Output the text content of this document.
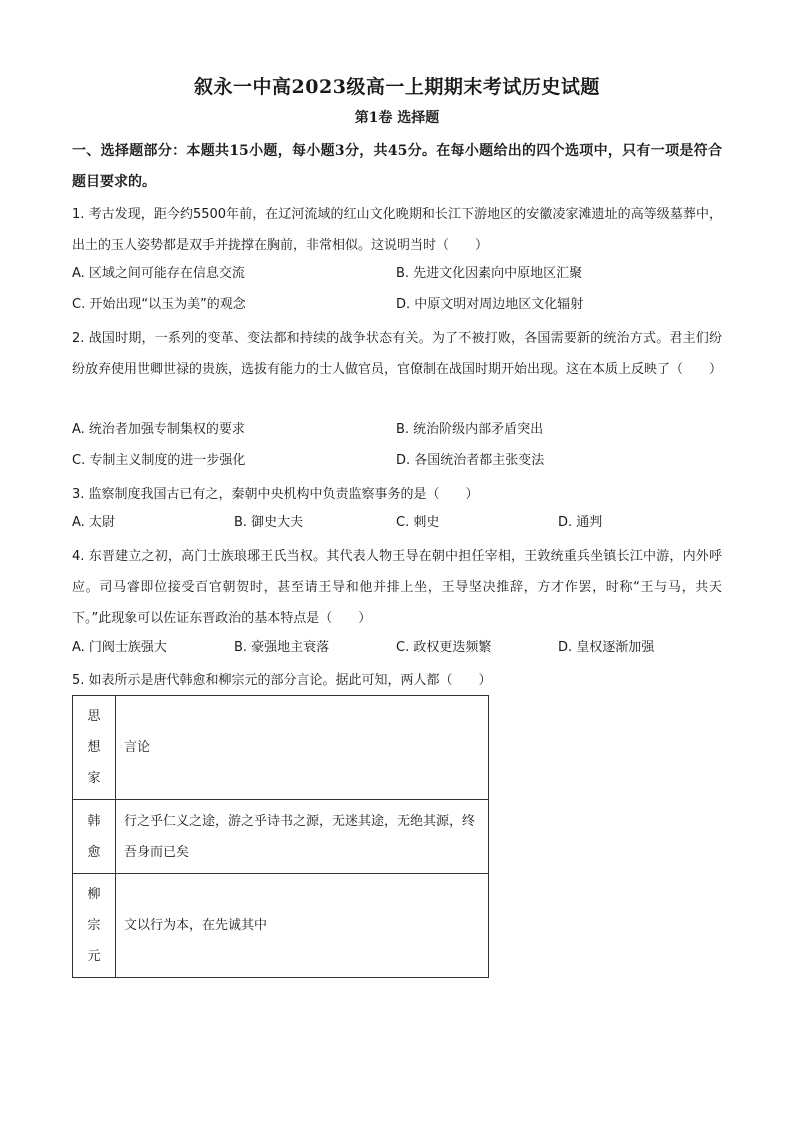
叙永一中高2023级高一上期期末考试历史试题
第1卷 选择题
一、选择题部分：本题共15小题，每小题3分，共45分。在每小题给出的四个选项中，只有一项是符合题目要求的。
1. 考古发现，距今约5500年前，在辽河流域的红山文化晚期和长江下游地区的安徽凌家滩遗址的高等级墓葬中，出土的玉人姿势都是双手并拢撑在胸前，非常相似。这说明当时（　　）
A. 区域之间可能存在信息交流	B. 先进文化因素向中原地区汇聚
C. 开始出现“以玉为美”的观念	D. 中原文明对周边地区文化辐射
2. 战国时期，一系列的变革、变法都和持续的战争状态有关。为了不被打败，各国需要新的统治方式。君主们纷纷放弃使用世卿世禄的贵族，选拔有能力的士人做官员，官僚制在战国时期开始出现。这在本质上反映了（　　）
A. 统治者加强专制集权的要求	B. 统治阶级内部矛盾突出
C. 专制主义制度的进一步强化	D. 各国统治者都主张变法
3. 监察制度我国古已有之，秦朝中央机构中负责监察事务的是（　　）
A. 太尉	B. 御史大夫	C. 刺史	D. 通判
4. 东晋建立之初，高门士族琅琊王氏当权。其代表人物王导在朝中担任宰相，王敦统重兵坐镇长江中游，内外呼应。司马睿即位接受百官朝贺时，甚至请王导和他并排上坐，王导坚决推辞，方才作罢，时称“王与马，共天下。”此现象可以佐证东晋政治的基本特点是（　　）
A. 门阀士族强大	B. 豪强地主衰落	C. 政权更迭频繁	D. 皇权逐渐加强
5. 如表所示是唐代韩愈和柳宗元的部分言论。据此可知，两人都（　　）
思想家	言论
韩愈	行之乎仁义之途，游之乎诗书之源，无迷其途，无绝其源，终吾身而已矣
柳宗元	文以行为本，在先诚其中
